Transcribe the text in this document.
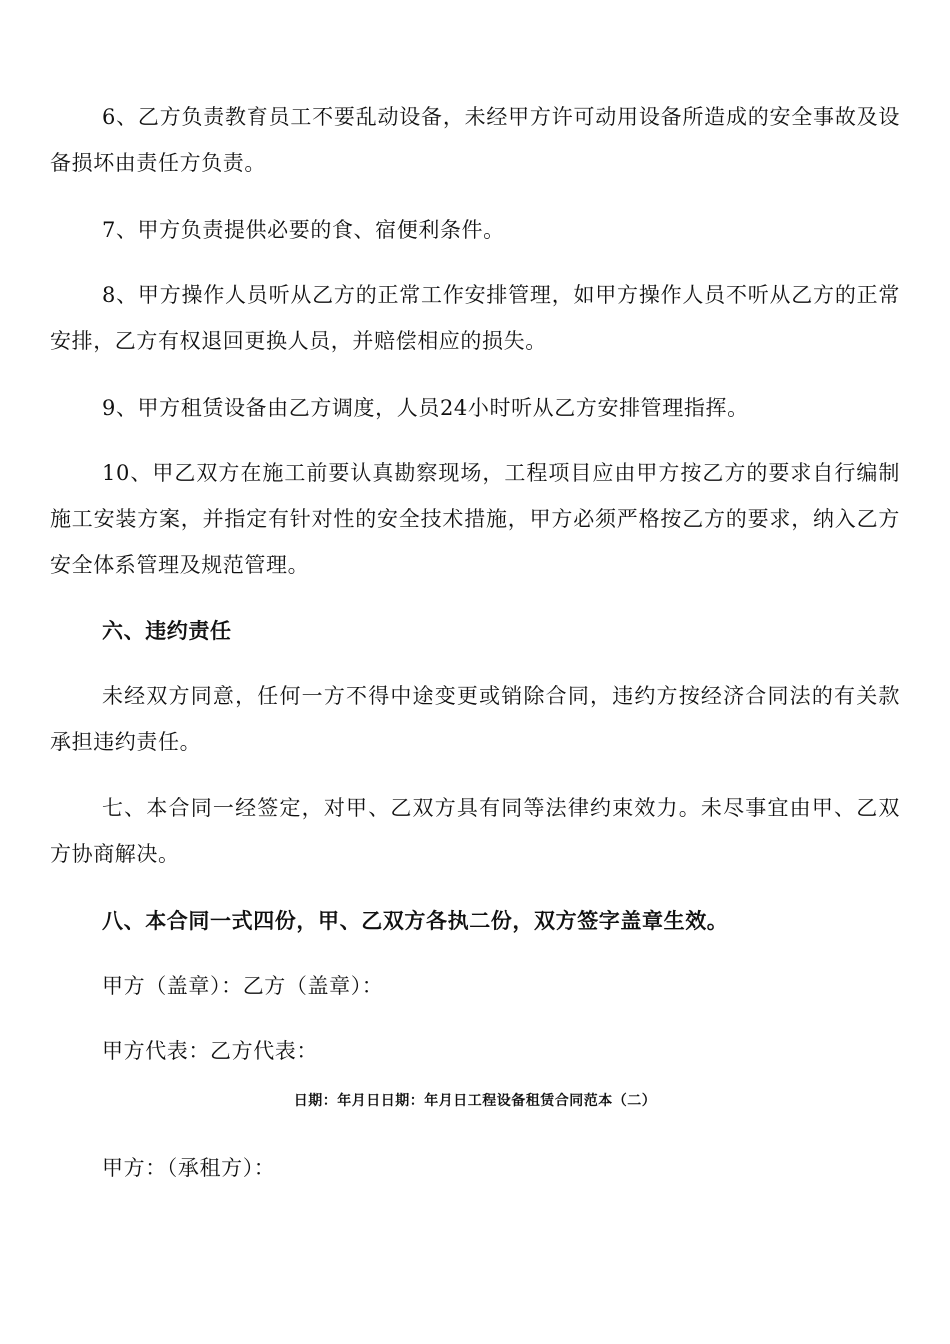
6、乙方负责教育员工不要乱动设备，未经甲方许可动用设备所造成的安全事故及设备损坏由责任方负责。

7、甲方负责提供必要的食、宿便利条件。

8、甲方操作人员听从乙方的正常工作安排管理，如甲方操作人员不听从乙方的正常安排，乙方有权退回更换人员，并赔偿相应的损失。

9、甲方租赁设备由乙方调度，人员24小时听从乙方安排管理指挥。

10、甲乙双方在施工前要认真勘察现场，工程项目应由甲方按乙方的要求自行编制施工安装方案，并指定有针对性的安全技术措施，甲方必须严格按乙方的要求，纳入乙方安全体系管理及规范管理。

六、违约责任

未经双方同意，任何一方不得中途变更或销除合同，违约方按经济合同法的有关款承担违约责任。

七、本合同一经签定，对甲、乙双方具有同等法律约束效力。未尽事宜由甲、乙双方协商解决。

八、本合同一式四份，甲、乙双方各执二份，双方签字盖章生效。

甲方（盖章）：乙方（盖章）：

甲方代表：乙方代表：

日期：年月日日期：年月日工程设备租赁合同范本（二）

甲方：（承租方）：
